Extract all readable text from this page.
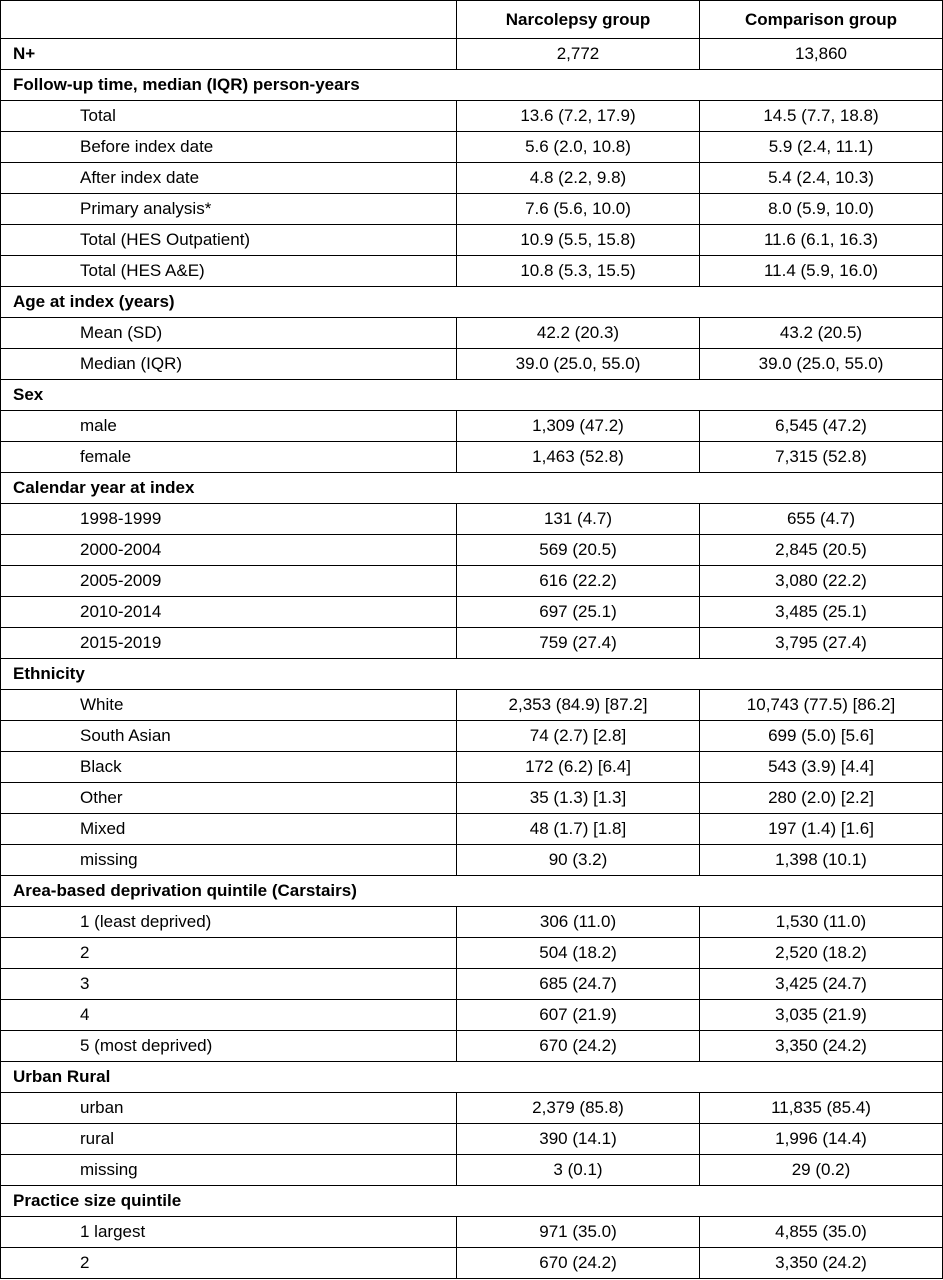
	Narcolepsy group	Comparison group
N+	2,772	13,860
Follow-up time, median (IQR) person-years		
Total	13.6 (7.2, 17.9)	14.5 (7.7, 18.8)
Before index date	5.6 (2.0, 10.8)	5.9 (2.4, 11.1)
After index date	4.8 (2.2, 9.8)	5.4 (2.4, 10.3)
Primary analysis*	7.6 (5.6, 10.0)	8.0 (5.9, 10.0)
Total (HES Outpatient)	10.9 (5.5, 15.8)	11.6 (6.1, 16.3)
Total (HES A&E)	10.8 (5.3, 15.5)	11.4 (5.9, 16.0)
Age at index (years)		
Mean (SD)	42.2 (20.3)	43.2 (20.5)
Median (IQR)	39.0 (25.0, 55.0)	39.0 (25.0, 55.0)
Sex		
male	1,309 (47.2)	6,545 (47.2)
female	1,463 (52.8)	7,315 (52.8)
Calendar year at index		
1998-1999	131 (4.7)	655 (4.7)
2000-2004	569 (20.5)	2,845 (20.5)
2005-2009	616 (22.2)	3,080 (22.2)
2010-2014	697 (25.1)	3,485 (25.1)
2015-2019	759 (27.4)	3,795 (27.4)
Ethnicity		
White	2,353 (84.9) [87.2]	10,743 (77.5) [86.2]
South Asian	74 (2.7) [2.8]	699 (5.0) [5.6]
Black	172 (6.2) [6.4]	543 (3.9) [4.4]
Other	35 (1.3) [1.3]	280 (2.0) [2.2]
Mixed	48 (1.7) [1.8]	197 (1.4) [1.6]
missing	90 (3.2)	1,398 (10.1)
Area-based deprivation quintile (Carstairs)		
1 (least deprived)	306 (11.0)	1,530 (11.0)
2	504 (18.2)	2,520 (18.2)
3	685 (24.7)	3,425 (24.7)
4	607 (21.9)	3,035 (21.9)
5 (most deprived)	670 (24.2)	3,350 (24.2)
Urban Rural		
urban	2,379 (85.8)	11,835 (85.4)
rural	390 (14.1)	1,996 (14.4)
missing	3 (0.1)	29 (0.2)
Practice size quintile		
1 largest	971 (35.0)	4,855 (35.0)
2	670 (24.2)	3,350 (24.2)
